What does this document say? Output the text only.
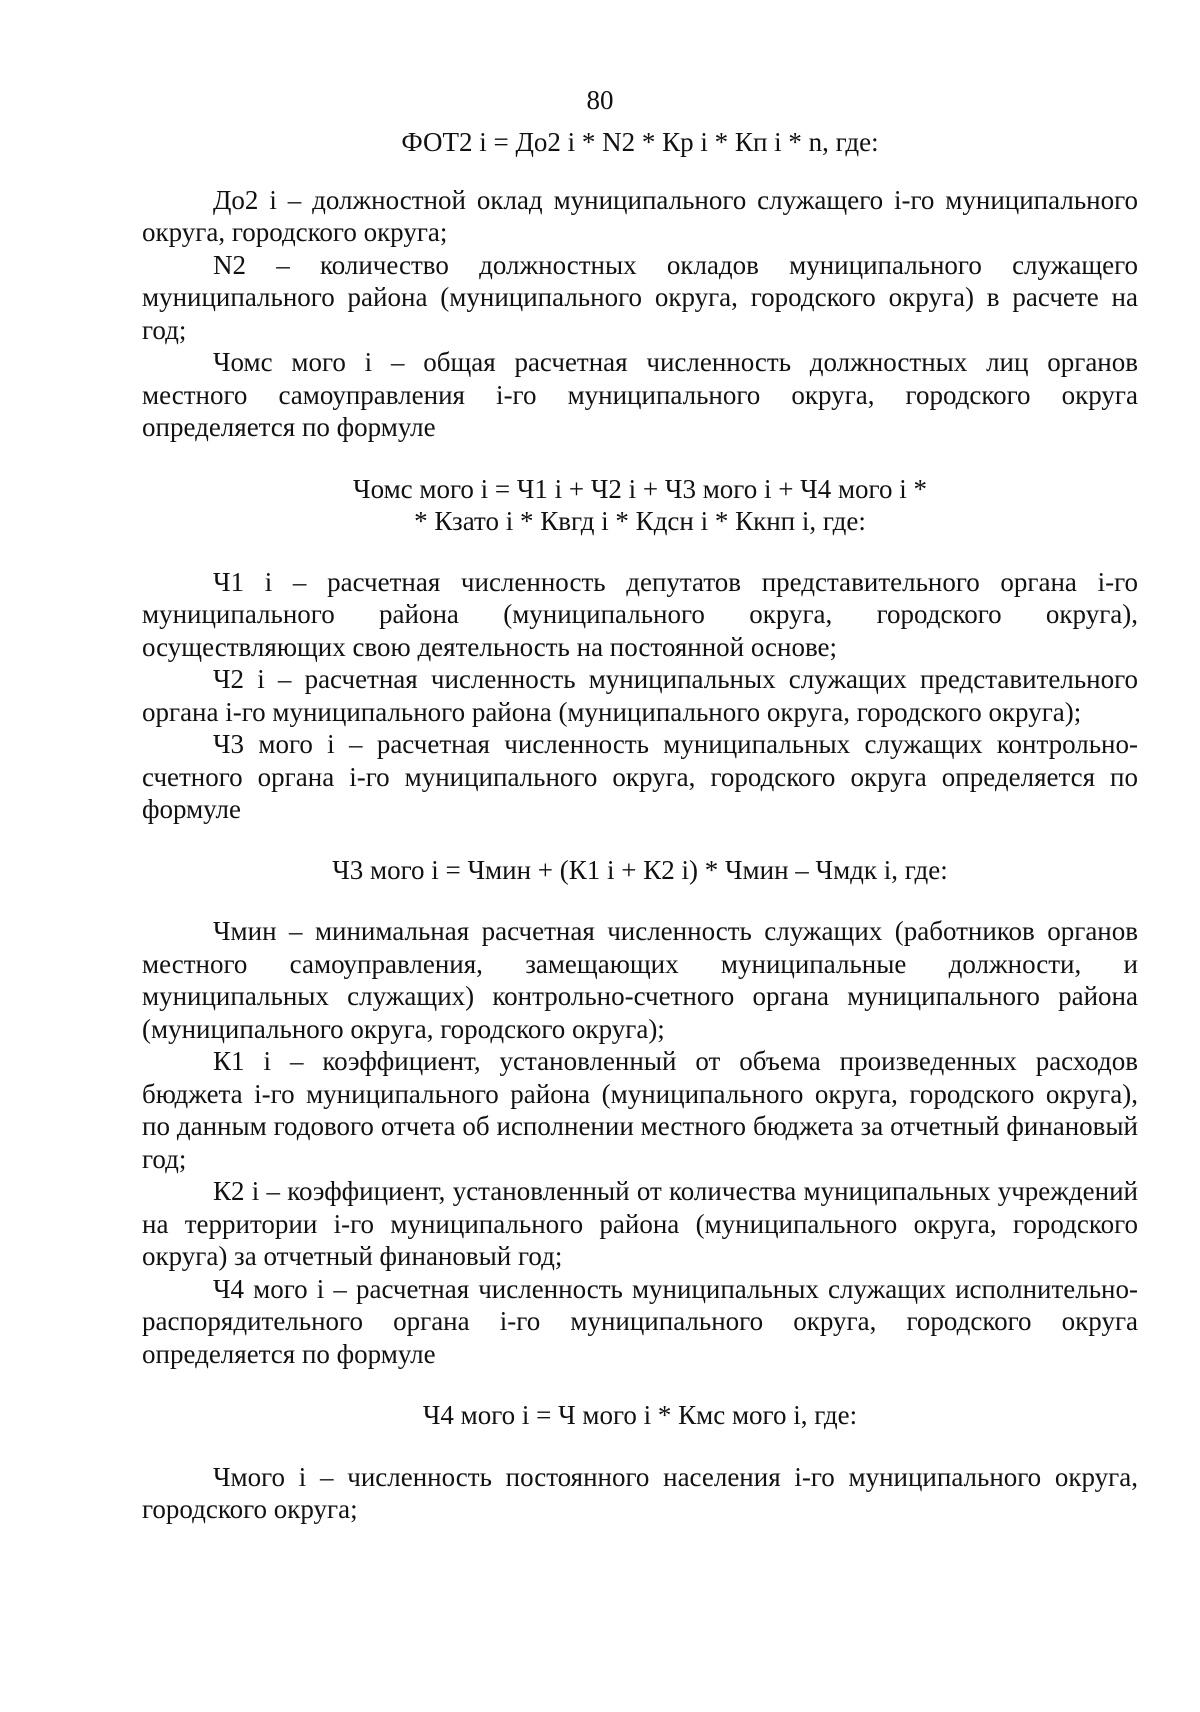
80

ФОТ2 i = До2 i * N2 * Кр i * Кп i * n, где:

До2 i – должностной оклад муниципального служащего i-го муниципального округа, городского округа;

N2 – количество должностных окладов муниципального служащего муниципального района (муниципального округа, городского округа) в расчете на год;

Чомс мого i – общая расчетная численность должностных лиц органов местного самоуправления i-го муниципального округа, городского округа определяется по формуле

Чомс мого i = Ч1 i + Ч2 i + Ч3 мого i + Ч4 мого i *
* Кзато i * Квгд i * Кдсн i * Ккнп i, где:

Ч1 i – расчетная численность депутатов представительного органа i-го муниципального района (муниципального округа, городского округа), осуществляющих свою деятельность на постоянной основе;

Ч2 i – расчетная численность муниципальных служащих представительного органа i-го муниципального района (муниципального округа, городского округа);

Ч3 мого i – расчетная численность муниципальных служащих контрольно-счетного органа i-го муниципального округа, городского округа определяется по формуле

Ч3 мого i = Чмин + (К1 i + К2 i) * Чмин – Чмдк i, где:

Чмин – минимальная расчетная численность служащих (работников органов местного самоуправления, замещающих муниципальные должности, и муниципальных служащих) контрольно-счетного органа муниципального района (муниципального округа, городского округа);

К1 i – коэффициент, установленный от объема произведенных расходов бюджета i-го муниципального района (муниципального округа, городского округа), по данным годового отчета об исполнении местного бюджета за отчетный финановый год;

К2 i – коэффициент, установленный от количества муниципальных учреждений на территории i-го муниципального района (муниципального округа, городского округа) за отчетный финановый год;

Ч4 мого i – расчетная численность муниципальных служащих исполнительно-распорядительного органа i-го муниципального округа, городского округа определяется по формуле

Ч4 мого i = Ч мого i * Кмс мого i, где:

Чмого i – численность постоянного населения i-го муниципального округа, городского округа;
